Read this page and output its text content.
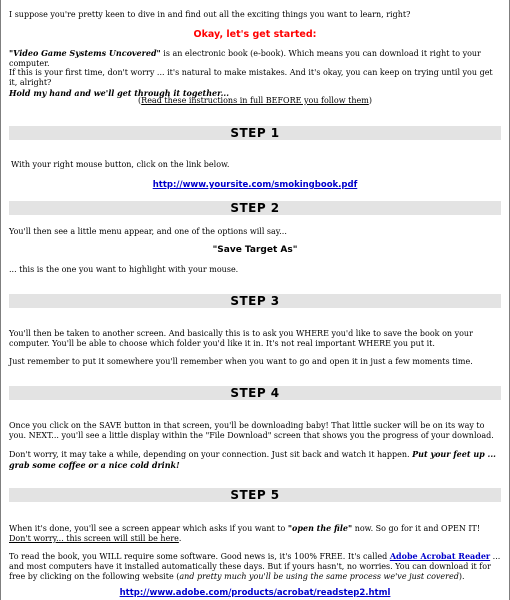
I suppose you're pretty keen to dive in and find out all the exciting things you want to learn, right?

Okay, let's get started:

"Video Game Systems Uncovered" is an electronic book (e-book). Which means you can download it right to your computer.

If this is your first time, don't worry ... it's natural to make mistakes. And it's okay, you can keep on trying until you get it, alright?
Hold my hand and we'll get through it together...

(Read these instructions in full BEFORE you follow them)

STEP 1

With your right mouse button, click on the link below.

http://www.yoursite.com/smokingbook.pdf

STEP 2

You'll then see a little menu appear, and one of the options will say...

"Save Target As"

... this is the one you want to highlight with your mouse.

STEP 3

You'll then be taken to another screen. And basically this is to ask you WHERE you'd like to save the book on your computer. You'll be able to choose which folder you'd like it in. It's not real important WHERE you put it.

Just remember to put it somewhere you'll remember when you want to go and open it in just a few moments time.

STEP 4

Once you click on the SAVE button in that screen, you'll be downloading baby! That little sucker will be on its way to you. NEXT... you'll see a little display within the "File Download" screen that shows you the progress of your download.

Don't worry, it may take a while, depending on your connection. Just sit back and watch it happen. Put your feet up ... grab some coffee or a nice cold drink!

STEP 5

When it's done, you'll see a screen appear which asks if you want to "open the file" now. So go for it and OPEN IT! Don't worry... this screen will still be here.

To read the book, you WILL require some software. Good news is, it's 100% FREE. It's called Adobe Acrobat Reader ... and most computers have it installed automatically these days. But if yours hasn't, no worries. You can download it for free by clicking on the following website (and pretty much you'll be using the same process we've just covered).

http://www.adobe.com/products/acrobat/readstep2.html
